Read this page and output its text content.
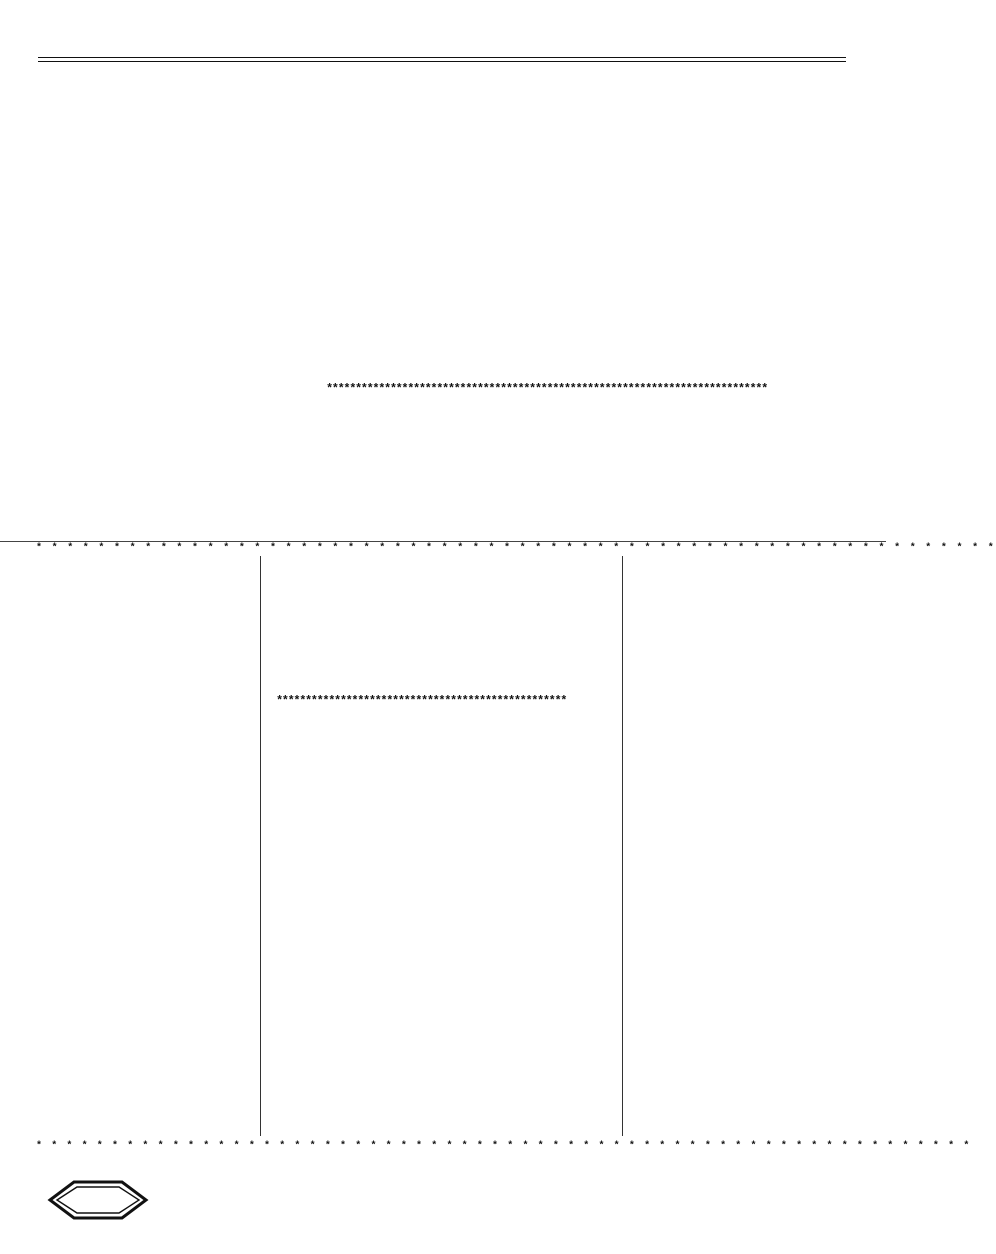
****************************************************************************
* * * * * * * * * * * * * * * * * * * * * * * * * * * * * * * * * * * * * * * * * * * * * * * * * * * * * * * * * * * * * *
**************************************************
* * * * * * * * * * * * * * * * * * * * * * * * * * * * * * * * * * * * * * * * * * * * * * * * * * * * * * * * * * * * * *
